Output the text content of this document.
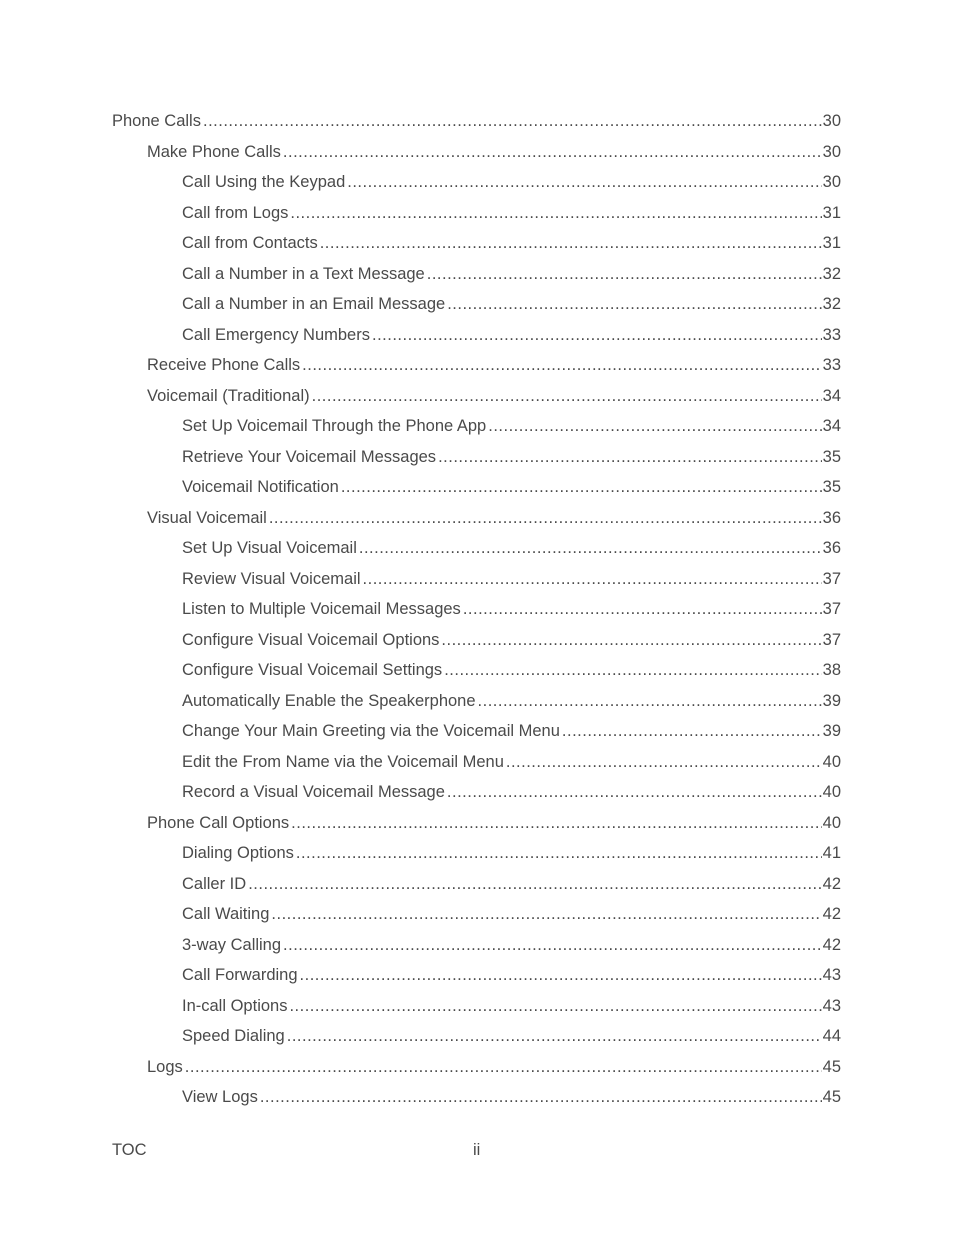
Phone Calls .....	30
Make Phone Calls .....	30
Call Using the Keypad .....	30
Call from Logs .....	31
Call from Contacts .....	31
Call a Number in a Text Message .....	32
Call a Number in an Email Message .....	32
Call Emergency Numbers .....	33
Receive Phone Calls .....	33
Voicemail (Traditional) .....	34
Set Up Voicemail Through the Phone App .....	34
Retrieve Your Voicemail Messages .....	35
Voicemail Notification .....	35
Visual Voicemail .....	36
Set Up Visual Voicemail .....	36
Review Visual Voicemail .....	37
Listen to Multiple Voicemail Messages .....	37
Configure Visual Voicemail Options .....	37
Configure Visual Voicemail Settings .....	38
Automatically Enable the Speakerphone .....	39
Change Your Main Greeting via the Voicemail Menu .....	39
Edit the From Name via the Voicemail Menu .....	40
Record a Visual Voicemail Message .....	40
Phone Call Options .....	40
Dialing Options .....	41
Caller ID .....	42
Call Waiting .....	42
3-way Calling .....	42
Call Forwarding .....	43
In-call Options .....	43
Speed Dialing .....	44
Logs .....	45
View Logs .....	45
TOC	ii
